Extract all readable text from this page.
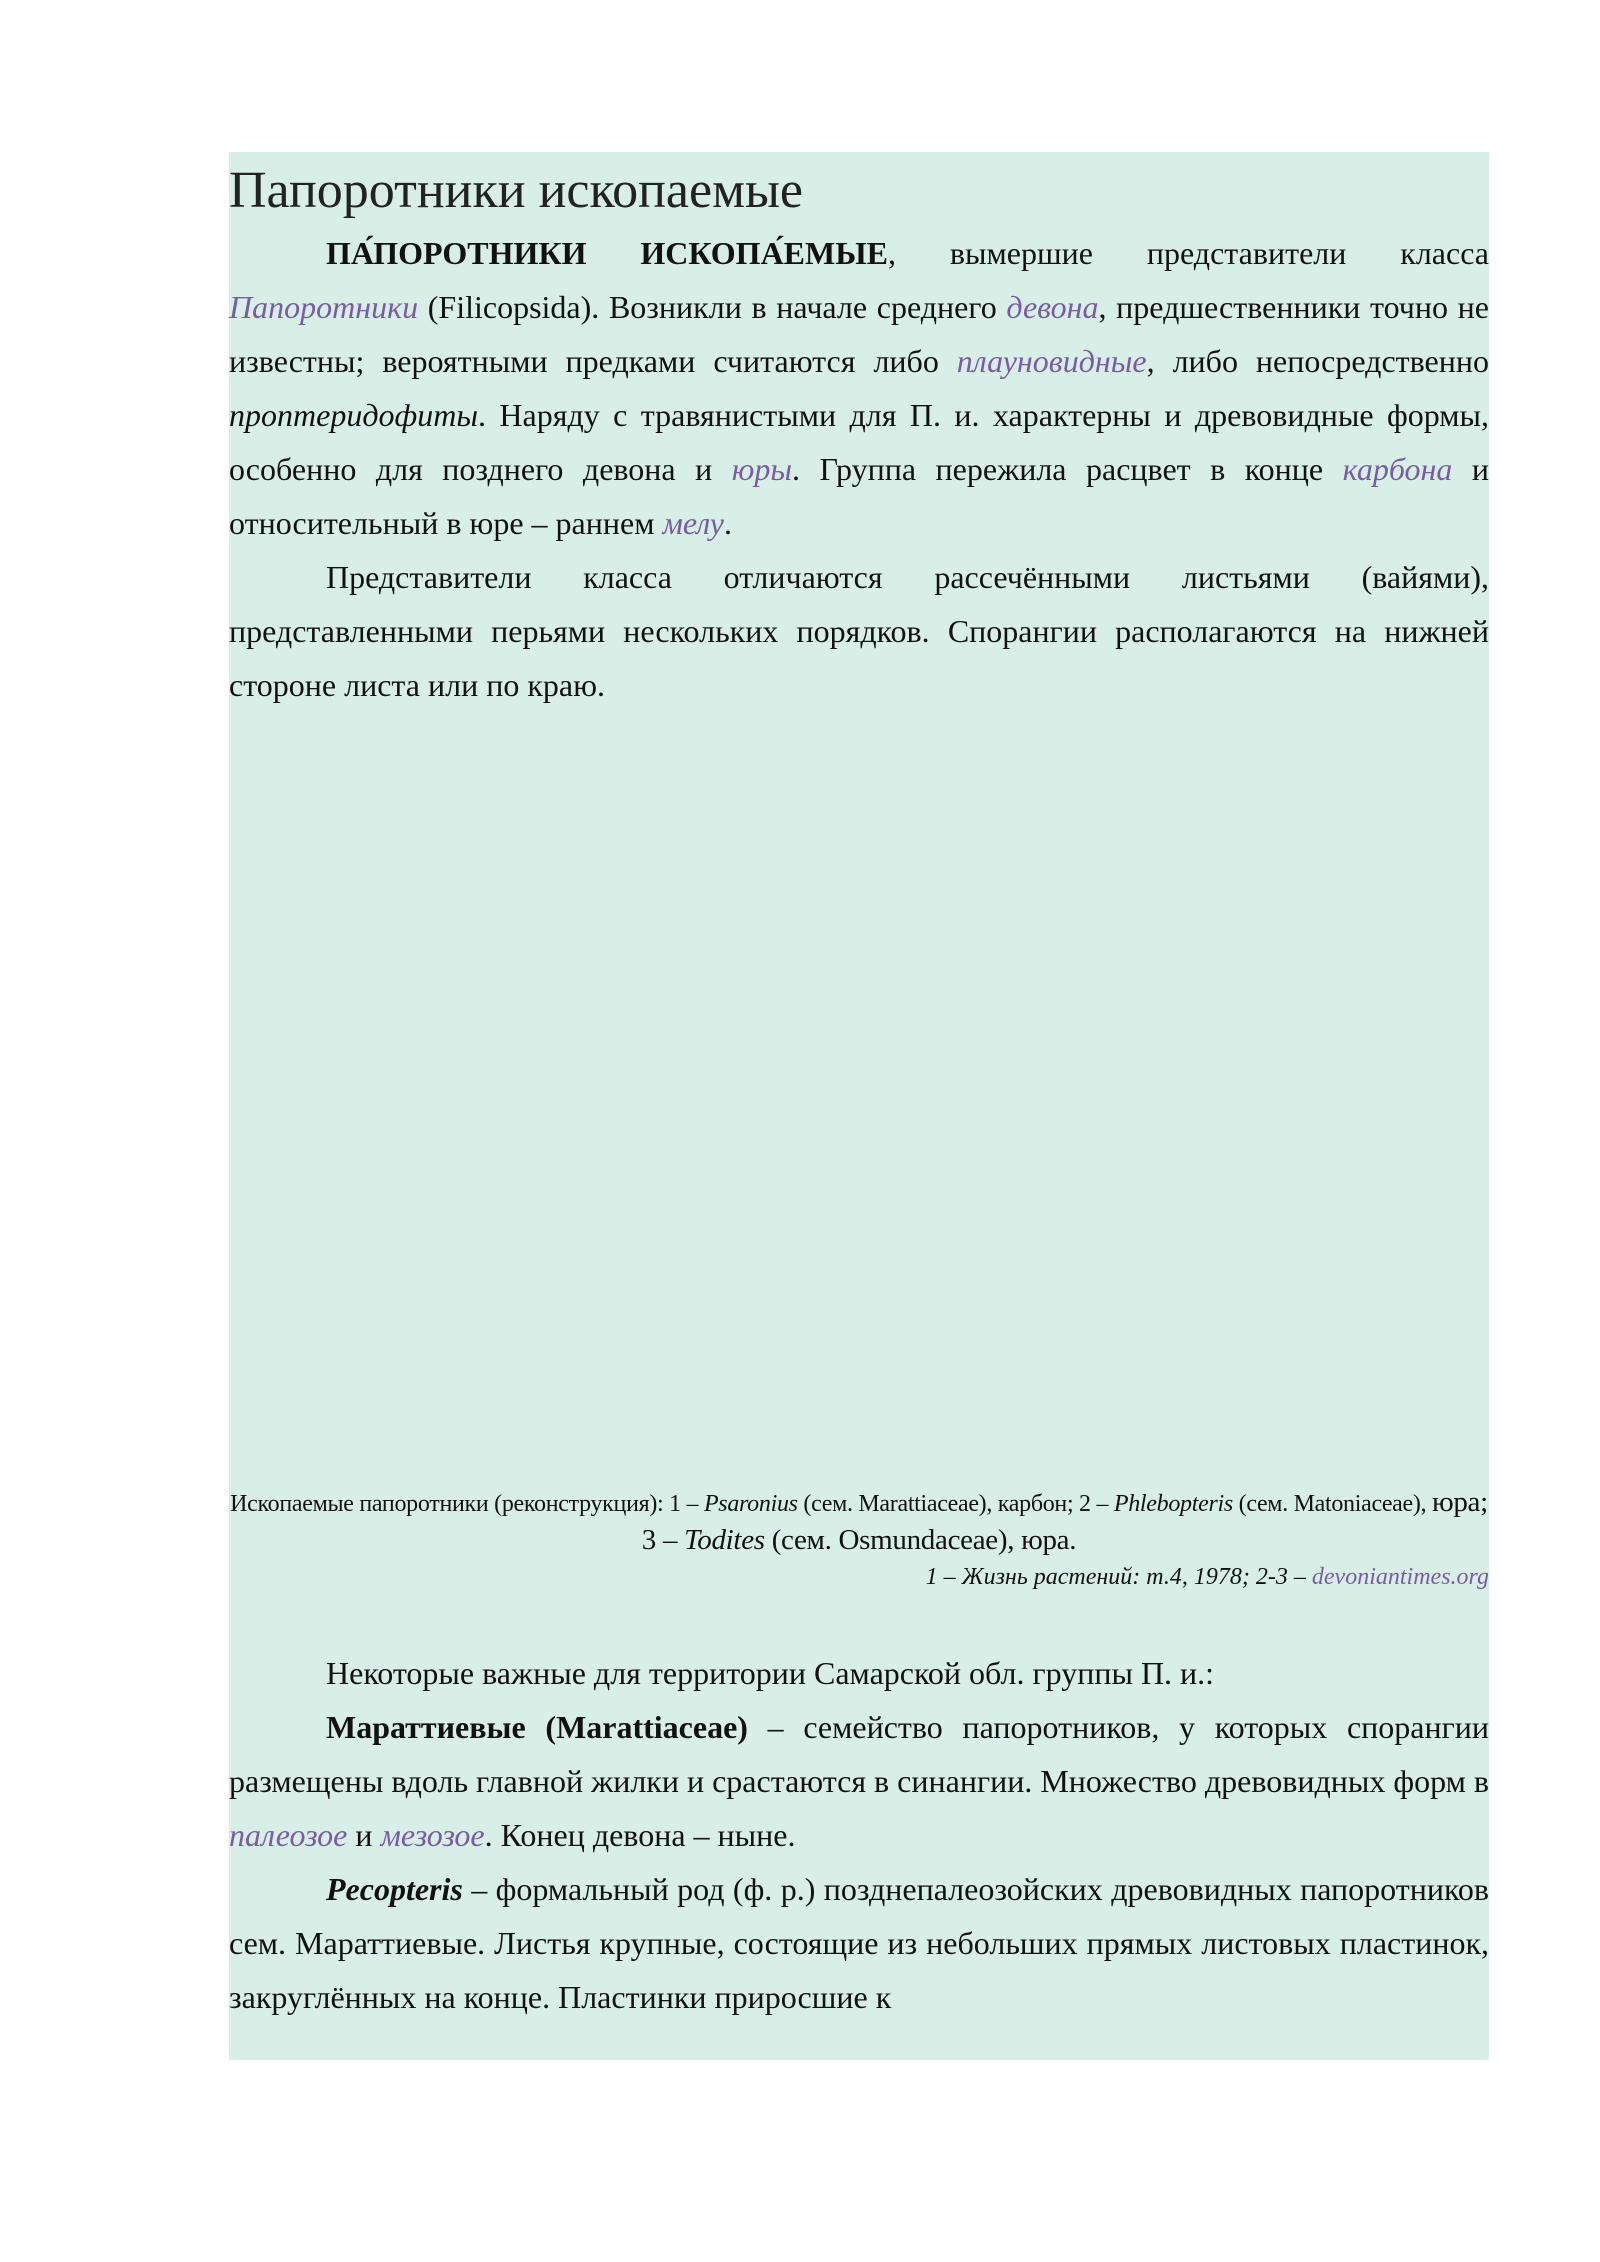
Папоротники ископаемые

ПА́ПОРОТНИКИ ИСКОПА́ЕМЫЕ, вымершие представители класса Папоротники (Filicopsida). Возникли в начале среднего девона, предшественники точно не известны; вероятными предками считаются либо плауновидные, либо непосредственно проптеридофиты. Наряду с травянистыми для П. и. характерны и древовидные формы, особенно для позднего девона и юры. Группа пережила расцвет в конце карбона и относительный в юре – раннем мелу.

Представители класса отличаются рассечёнными листьями (вайями), представленными перьями нескольких порядков. Спорангии располагаются на нижней стороне листа или по краю.

Ископаемые папоротники (реконструкция): 1 – Psaronius (сем. Marattiaceae), карбон; 2 – Phlebopteris (сем. Matoniaceae), юра; 3 – Todites (сем. Osmundaceae), юра.

1 – Жизнь растений: т.4, 1978; 2-3 – devoniantimes.org

Некоторые важные для территории Самарской обл. группы П. и.:

Мараттиевые (Marattiaceae) – семейство папоротников, у которых спорангии размещены вдоль главной жилки и срастаются в синангии. Множество древовидных форм в палеозое и мезозое. Конец девона – ныне.

Pecopteris – формальный род (ф. р.) позднепалеозойских древовидных папоротников сем. Мараттиевые. Листья крупные, состоящие из небольших прямых листовых пластинок, закруглённых на конце. Пластинки приросшие к
